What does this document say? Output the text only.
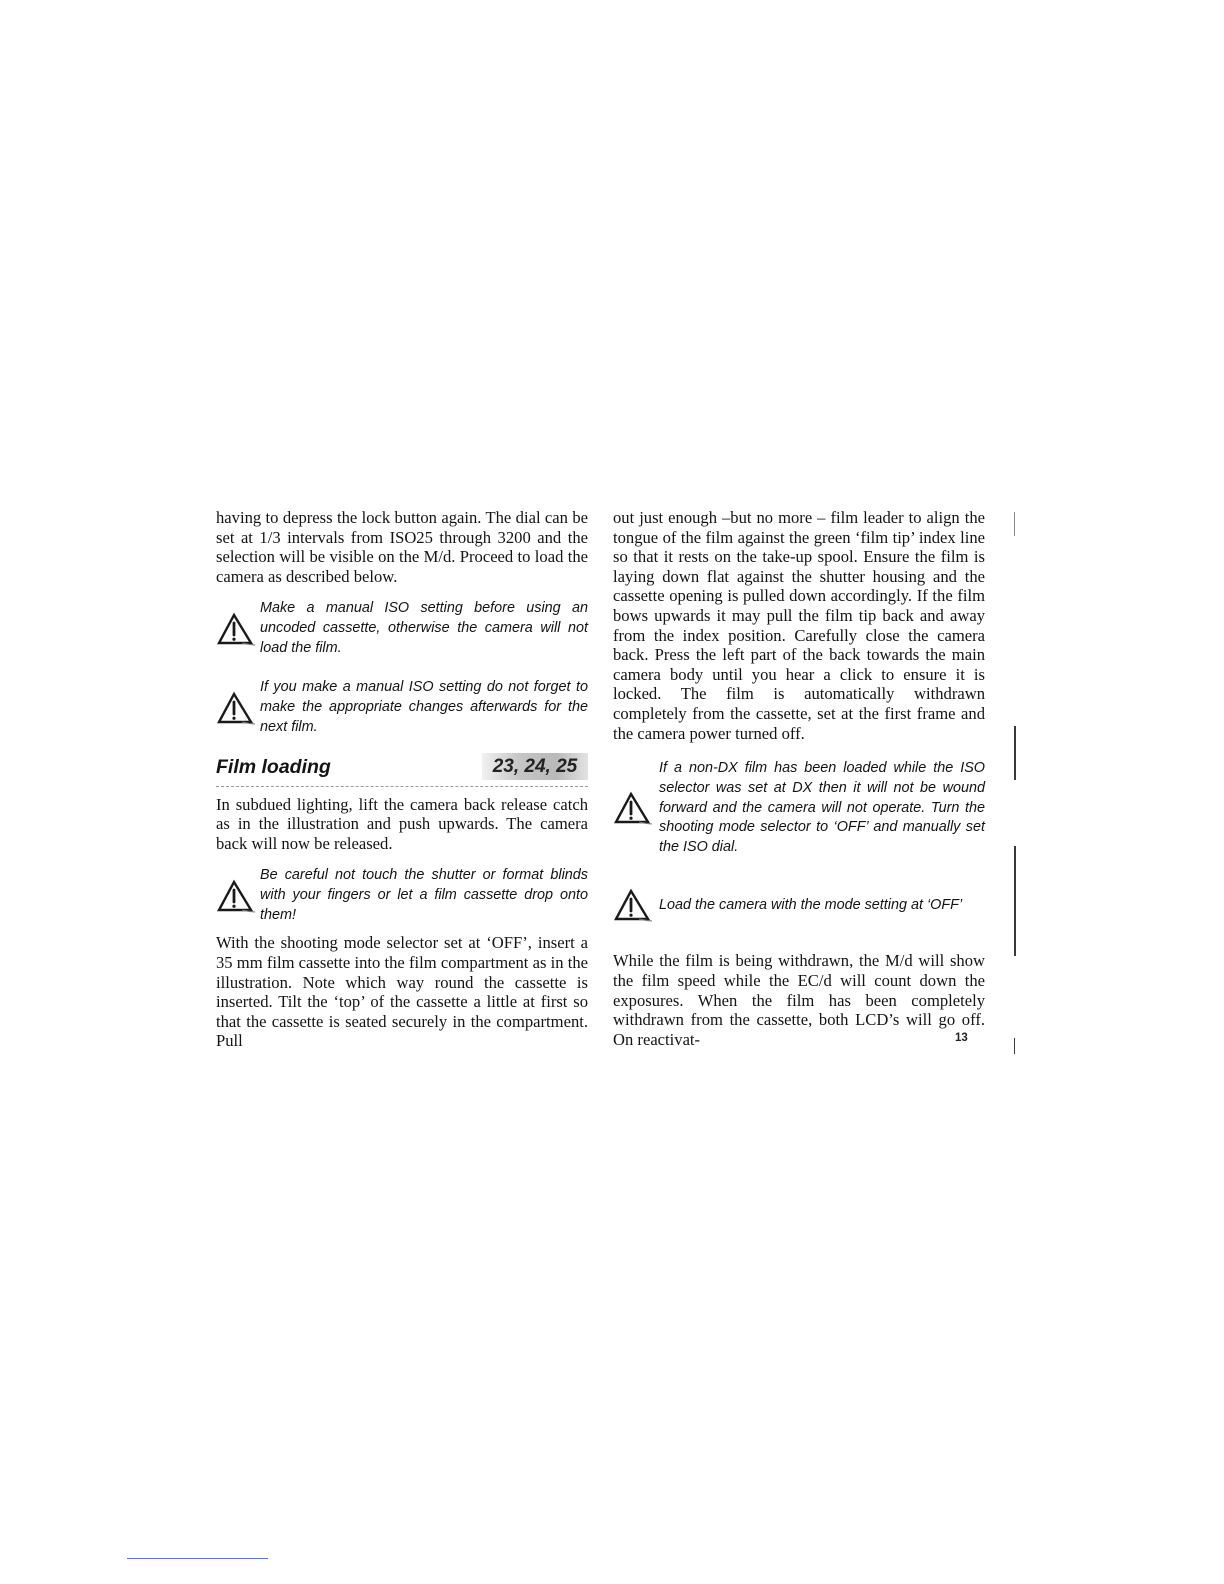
having to depress the lock button again. The dial can be set at 1/3 intervals from ISO25 through 3200 and the selection will be visible on the M/d. Proceed to load the camera as described below.

Make a manual ISO setting before using an uncoded cassette, otherwise the camera will not load the film.
If you make a manual ISO setting do not forget to make the appropriate changes afterwards for the next film.
Film loading	23, 24, 25

In subdued lighting, lift the camera back release catch as in the illustration and push upwards. The camera back will now be released.

Be careful not touch the shutter or format blinds with your fingers or let a film cassette drop onto them!

With the shooting mode selector set at ‘OFF’, insert a 35 mm film cassette into the film compartment as in the illustration. Note which way round the cassette is inserted. Tilt the ‘top’ of the cassette a little at first so that the cassette is seated securely in the compartment. Pull

out just enough –but no more – film leader to align the tongue of the film against the green ‘film tip’ index line so that it rests on the take-up spool. Ensure the film is laying down flat against the shutter housing and the cassette opening is pulled down accordingly. If the film bows upwards it may pull the film tip back and away from the index position. Carefully close the camera back. Press the left part of the back towards the main camera body until you hear a click to ensure it is locked. The film is automatically withdrawn completely from the cassette, set at the first frame and the camera power turned off.

If a non-DX film has been loaded while the ISO selector was set at DX then it will not be wound forward and the camera will not operate. Turn the shooting mode selector to ‘OFF’ and manually set the ISO dial.
Load the camera with the mode setting at ‘OFF’

While the film is being withdrawn, the M/d will show the film speed while the EC/d will count down the exposures. When the film has been completely withdrawn from the cassette, both LCD’s will go off. On reactivat-	13
